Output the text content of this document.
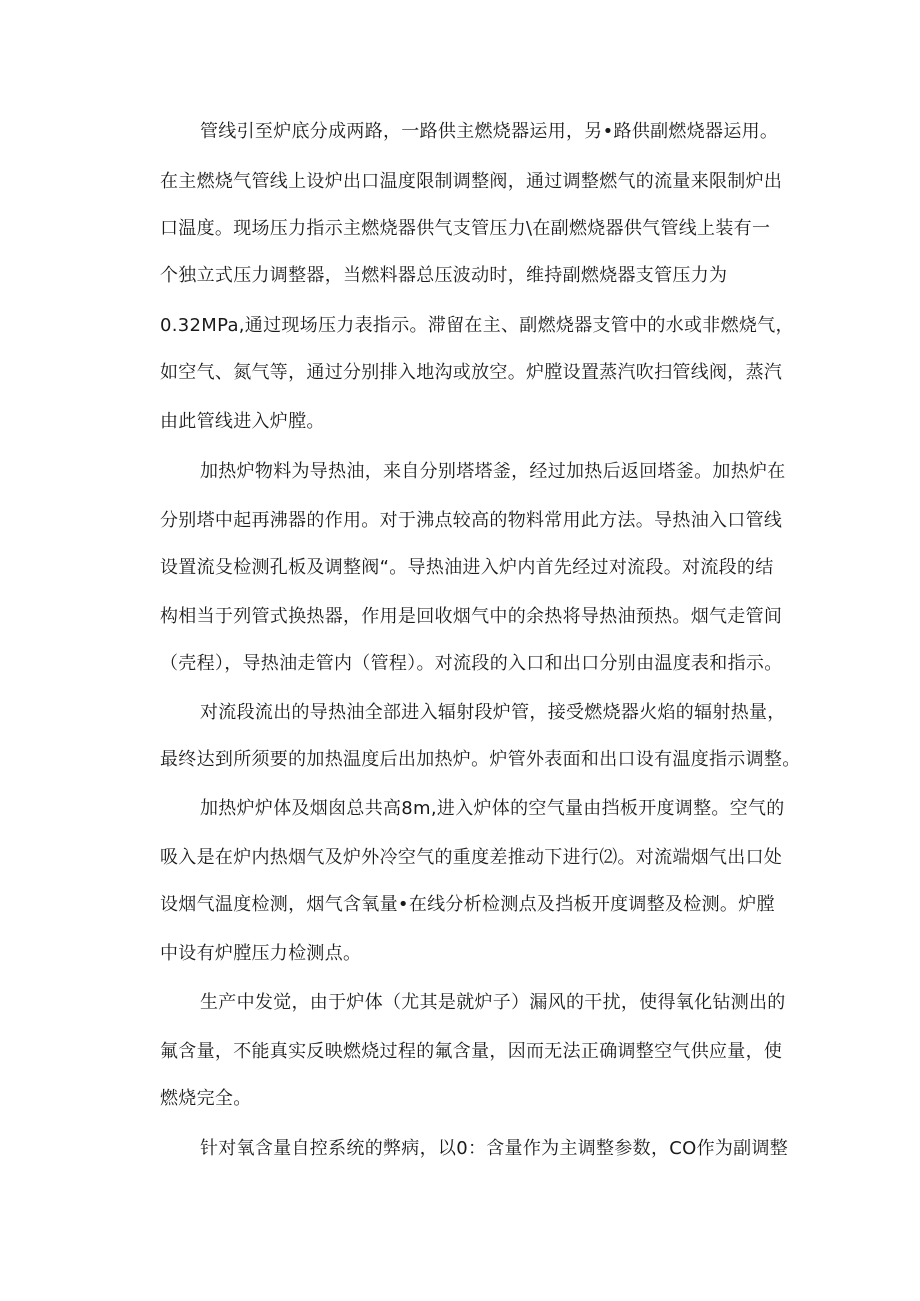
管线引至炉底分成两路，一路供主燃烧器运用，另•路供副燃烧器运用。

在主燃烧气管线上设炉出口温度限制调整阀，通过调整燃气的流量来限制炉出

口温度。现场压力指示主燃烧器供气支管压力\在副燃烧器供气管线上装有一

个独立式压力调整器，当燃料器总压波动时，维持副燃烧器支管压力为

0.32MPa,通过现场压力表指示。滞留在主、副燃烧器支管中的水或非燃烧气，

如空气、氮气等，通过分别排入地沟或放空。炉膛设置蒸汽吹扫管线阀，蒸汽

由此管线进入炉膛。

加热炉物料为导热油，来自分别塔塔釜，经过加热后返回塔釜。加热炉在

分别塔中起再沸器的作用。对于沸点较高的物料常用此方法。导热油入口管线

设置流殳检测孔板及调整阀“。导热油进入炉内首先经过对流段。对流段的结

构相当于列管式换热器，作用是回收烟气中的余热将导热油预热。烟气走管间

（壳程），导热油走管内（管程）。对流段的入口和出口分别由温度表和指示。

对流段流出的导热油全部进入辐射段炉管，接受燃烧器火焰的辐射热量，

最终达到所须要的加热温度后出加热炉。炉管外表面和出口设有温度指示调整。

加热炉炉体及烟囱总共高8m,进入炉体的空气量由挡板开度调整。空气的

吸入是在炉内热烟气及炉外冷空气的重度差推动下进行⑵。对流端烟气出口处

设烟气温度检测，烟气含氧量•在线分析检测点及挡板开度调整及检测。炉膛

中设有炉膛压力检测点。

生产中发觉，由于炉体（尤其是就炉子）漏风的干扰，使得氧化钻测出的

氟含量，不能真实反映燃烧过程的氟含量，因而无法正确调整空气供应量，使

燃烧完全。

针对氧含量自控系统的弊病，以0：含量作为主调整参数，CO作为副调整
